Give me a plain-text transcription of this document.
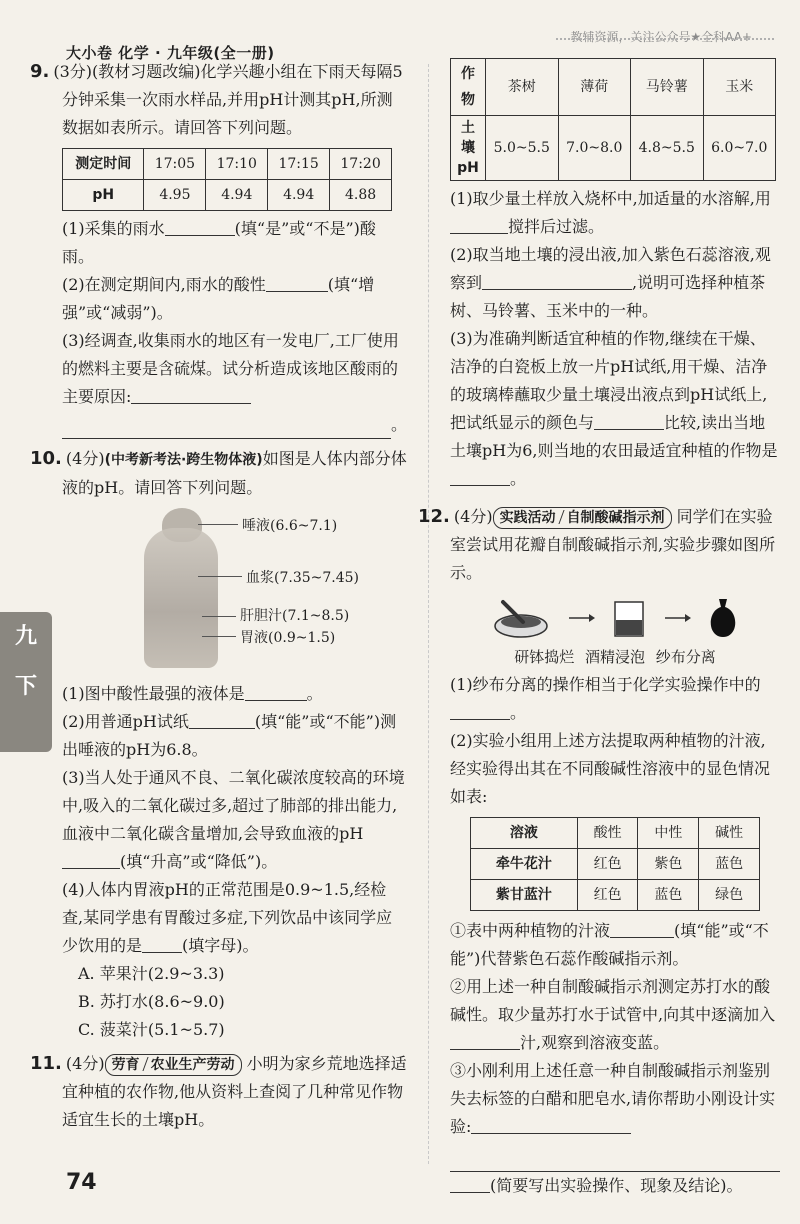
教辅资源，关注公众号★全科AA+
大小卷 化学 · 九年级(全一册)
九
下

9. (3分)(教材习题改编)化学兴趣小组在下雨天每隔5分钟采集一次雨水样品,并用pH计测其pH,所测数据如表所示。请回答下列问题。

测定时间	17:05	17:10	17:15	17:20
pH	4.95	4.94	4.94	4.88

(1)采集的雨水	(填“是”或“不是”)酸雨。

(2)在测定期间内,雨水的酸性	(填“增强”或“减弱”)。

(3)经调查,收集雨水的地区有一发电厂,工厂使用的燃料主要是含硫煤。试分析造成该地区酸雨的主要原因:

。

10. (4分)(中考新考法·跨生物体液)如图是人体内部分体液的pH。请回答下列问题。

唾液(6.6~7.1)
血浆(7.35~7.45)
肝胆汁(7.1~8.5)
胃液(0.9~1.5)

(1)图中酸性最强的液体是	。

(2)用普通pH试纸	(填“能”或“不能”)测出唾液的pH为6.8。

(3)当人处于通风不良、二氧化碳浓度较高的环境中,吸入的二氧化碳过多,超过了肺部的排出能力,血液中二氧化碳含量增加,会导致血液的pH(填“升高”或“降低”)。

(4)人体内胃液pH的正常范围是0.9~1.5,经检查,某同学患有胃酸过多症,下列饮品中该同学应少饮用的是	(填字母)。

A. 苹果汁(2.9~3.3)

B. 苏打水(8.6~9.0)

C. 菠菜汁(5.1~5.7)

11. (4分) 劳育 农业生产劳动 小明为家乡荒地选择适宜种植的农作物,他从资料上查阅了几种常见作物适宜生长的土壤pH。

作物	茶树	薄荷	马铃薯	玉米
土壤pH	5.0~5.5	7.0~8.0	4.8~5.5	6.0~7.0

(1)取少量土样放入烧杯中,加适量的水溶解,用搅拌后过滤。

(2)取当地土壤的浸出液,加入紫色石蕊溶液,观察到	,说明可选择种植茶树、马铃薯、玉米中的一种。

(3)为准确判断适宜种植的作物,继续在干燥、洁净的白瓷板上放一片pH试纸,用干燥、洁净的玻璃棒蘸取少量土壤浸出液点到pH试纸上,把试纸显示的颜色与	比较,读出当地土壤pH为6,则当地的农田最适宜种植的作物是。

12. (4分) 实践活动 自制酸碱指示剂 同学们在实验室尝试用花瓣自制酸碱指示剂,实验步骤如图所示。

研钵捣烂 酒精浸泡 纱布分离

(1)纱布分离的操作相当于化学实验操作中的。

(2)实验小组用上述方法提取两种植物的汁液,经实验得出其在不同酸碱性溶液中的显色情况如表:

溶液	酸性	中性	碱性
牵牛花汁	红色	紫色	蓝色
紫甘蓝汁	红色	蓝色	绿色

①表中两种植物的汁液	(填“能”或“不能”)代替紫色石蕊作酸碱指示剂。

②用上述一种自制酸碱指示剂测定苏打水的酸碱性。取少量苏打水于试管中,向其中逐滴加入汁,观察到溶液变蓝。

③小刚利用上述任意一种自制酸碱指示剂鉴别失去标签的白醋和肥皂水,请你帮助小刚设计实验:

(简要写出实验操作、现象及结论)。

74
